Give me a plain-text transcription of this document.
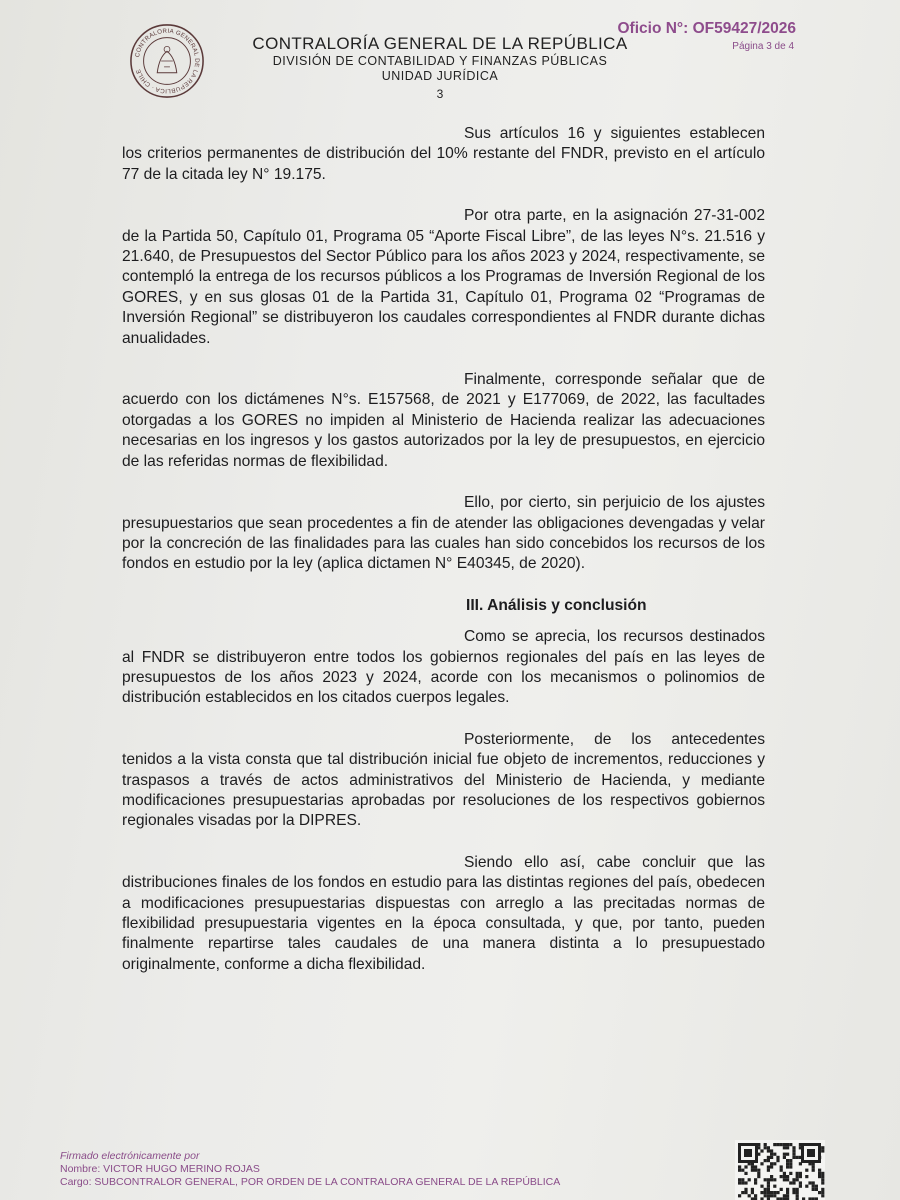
CONTRALORIA GENERAL DE LA REPUBLICA · CHILE
CONTRALORÍA GENERAL DE LA REPÚBLICA
DIVISIÓN DE CONTABILIDAD Y FINANZAS PÚBLICAS
UNIDAD JURÍDICA
3
Oficio N°: OF59427/2026
Página 3 de 4

Sus artículos 16 y siguientes establecen los criterios permanentes de distribución del 10% restante del FNDR, previsto en el artículo 77 de la citada ley N° 19.175.

Por otra parte, en la asignación 27-31-002 de la Partida 50, Capítulo 01, Programa 05 “Aporte Fiscal Libre”, de las leyes N°s. 21.516 y 21.640, de Presupuestos del Sector Público para los años 2023 y 2024, respectivamente, se contempló la entrega de los recursos públicos a los Programas de Inversión Regional de los GORES, y en sus glosas 01 de la Partida 31, Capítulo 01, Programa 02 “Programas de Inversión Regional” se distribuyeron los caudales correspondientes al FNDR durante dichas anualidades.

Finalmente, corresponde señalar que de acuerdo con los dictámenes N°s. E157568, de 2021 y E177069, de 2022, las facultades otorgadas a los GORES no impiden al Ministerio de Hacienda realizar las adecuaciones necesarias en los ingresos y los gastos autorizados por la ley de presupuestos, en ejercicio de las referidas normas de flexibilidad.

Ello, por cierto, sin perjuicio de los ajustes presupuestarios que sean procedentes a fin de atender las obligaciones devengadas y velar por la concreción de las finalidades para las cuales han sido concebidos los recursos de los fondos en estudio por la ley (aplica dictamen N° E40345, de 2020).

III. Análisis y conclusión

Como se aprecia, los recursos destinados al FNDR se distribuyeron entre todos los gobiernos regionales del país en las leyes de presupuestos de los años 2023 y 2024, acorde con los mecanismos o polinomios de distribución establecidos en los citados cuerpos legales.

Posteriormente, de los antecedentes tenidos a la vista consta que tal distribución inicial fue objeto de incrementos, reducciones y traspasos a través de actos administrativos del Ministerio de Hacienda, y mediante modificaciones presupuestarias aprobadas por resoluciones de los respectivos gobiernos regionales visadas por la DIPRES.

Siendo ello así, cabe concluir que las distribuciones finales de los fondos en estudio para las distintas regiones del país, obedecen a modificaciones presupuestarias dispuestas con arreglo a las precitadas normas de flexibilidad presupuestaria vigentes en la época consultada, y que, por tanto, pueden finalmente repartirse tales caudales de una manera distinta a lo presupuestado originalmente, conforme a dicha flexibilidad.

Firmado electrónicamente por
Nombre: VICTOR HUGO MERINO ROJAS
Cargo: SUBCONTRALOR GENERAL, POR ORDEN DE LA CONTRALORA GENERAL DE LA REPÚBLICA
